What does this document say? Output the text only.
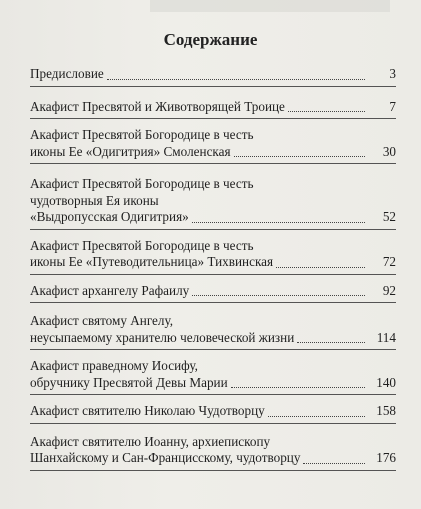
Содержание
Предисловие	3
Акафист Пресвятой и Животворящей Троице	7
Акафист Пресвятой Богородице в честь
иконы Ее «Одигитрия» Смоленская	30
Акафист Пресвятой Богородице в честь
чудотворныя Ея иконы
«Выдропусская Одигитрия»	52
Акафист Пресвятой Богородице в честь
иконы Ее «Путеводительница» Тихвинская	72
Акафист архангелу Рафаилу	92
Акафист святому Ангелу,
неусыпаемому хранителю человеческой жизни	114
Акафист праведному Иосифу,
обручнику Пресвятой Девы Марии	140
Акафист святителю Николаю Чудотворцу	158
Акафист святителю Иоанну, архиепископу
Шанхайскому и Сан-Францисскому, чудотворцу	176
